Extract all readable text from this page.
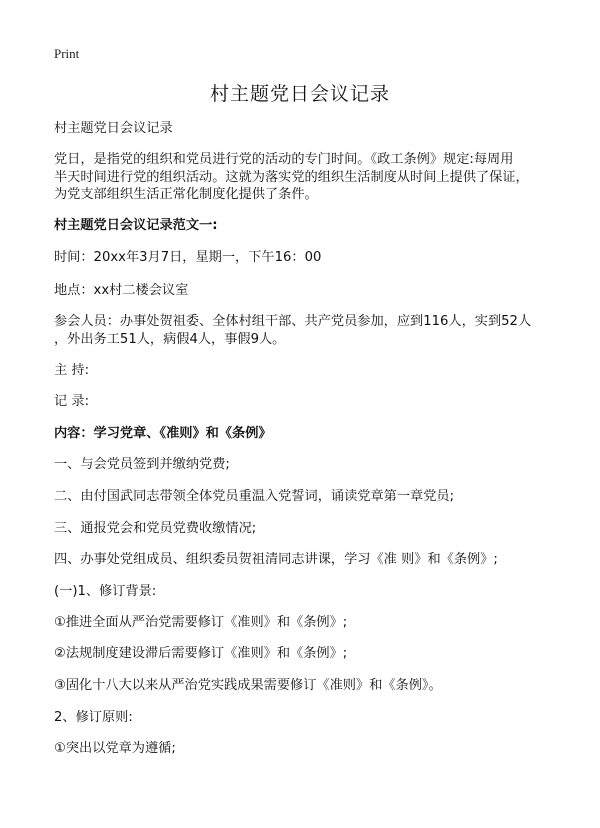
Print
村主题党日会议记录
村主题党日会议记录
党日，是指党的组织和党员进行党的活动的专门时间。《政工条例》规定:每周用
半天时间进行党的组织活动。这就为落实党的组织生活制度从时间上提供了保证，
为党支部组织生活正常化制度化提供了条件。
村主题党日会议记录范文一:
时间：20xx年3月7日，星期一，下午16：00
地点：xx村二楼会议室
参会人员：办事处贺祖委、全体村组干部、共产党员参加，应到116人，实到52人
，外出务工51人，病假4人，事假9人。
主 持:
记 录:
内容：学习党章、《准则》和《条例》
一、与会党员签到并缴纳党费;
二、由付国武同志带领全体党员重温入党誓词，诵读党章第一章党员;
三、通报党会和党员党费收缴情况;
四、办事处党组成员、组织委员贺祖清同志讲课，学习《准 则》和《条例》;
(一)1、修订背景:
①推进全面从严治党需要修订《准则》和《条例》;
②法规制度建设滞后需要修订《准则》和《条例》;
③固化十八大以来从严治党实践成果需要修订《准则》和《条例》。
2、修订原则:
①突出以党章为遵循;
